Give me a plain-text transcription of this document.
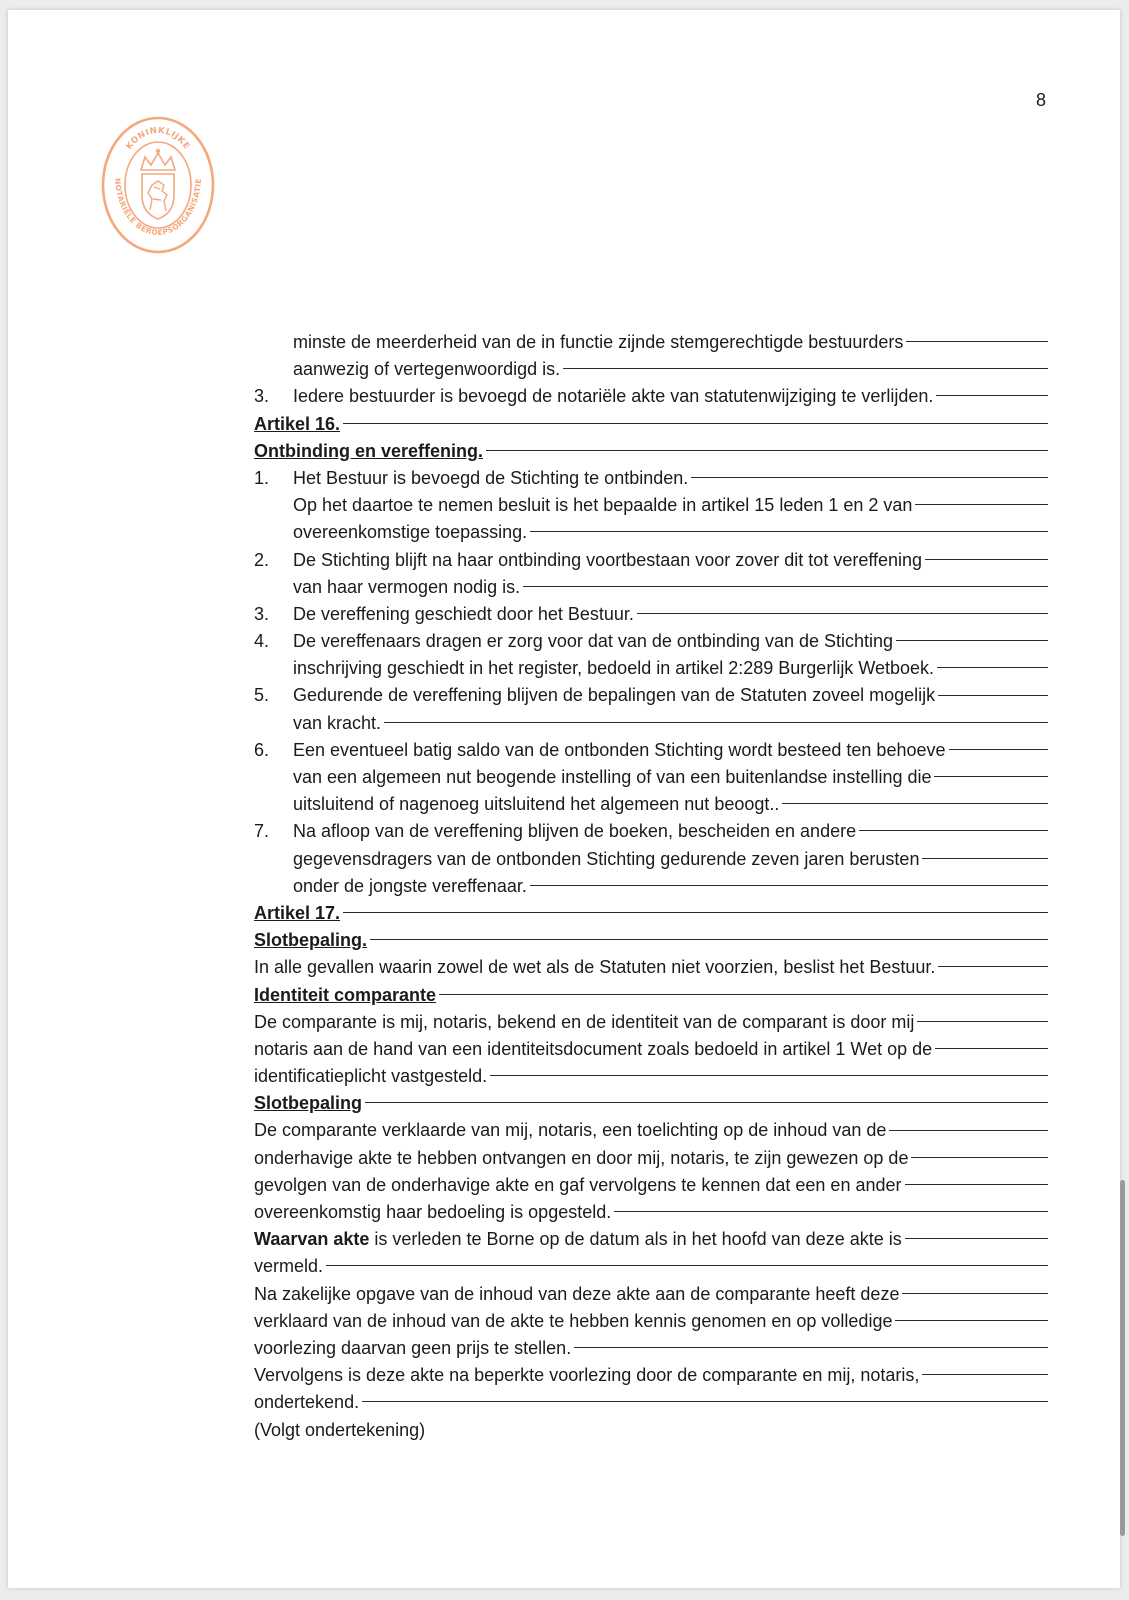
8
KONINKLIJKE
NOTARIËLE BEROEPSORGANISATIE
minste de meerderheid van de in functie zijnde stemgerechtigde bestuurders
aanwezig of vertegenwoordigd is.
3.	Iedere bestuurder is bevoegd de notariële akte van statutenwijziging te verlijden.
Artikel 16.
Ontbinding en vereffening.
1.	Het Bestuur is bevoegd de Stichting te ontbinden.
Op het daartoe te nemen besluit is het bepaalde in artikel 15 leden 1 en 2 van
overeenkomstige toepassing.
2.	De Stichting blijft na haar ontbinding voortbestaan voor zover dit tot vereffening
van haar vermogen nodig is.
3.	De vereffening geschiedt door het Bestuur.
4.	De vereffenaars dragen er zorg voor dat van de ontbinding van de Stichting
inschrijving geschiedt in het register, bedoeld in artikel 2:289 Burgerlijk Wetboek.
5.	Gedurende de vereffening blijven de bepalingen van de Statuten zoveel mogelijk
van kracht.
6.	Een eventueel batig saldo van de ontbonden Stichting wordt besteed ten behoeve
van een algemeen nut beogende instelling of van een buitenlandse instelling die
uitsluitend of nagenoeg uitsluitend het algemeen nut beoogt..
7.	Na afloop van de vereffening blijven de boeken, bescheiden en andere
gegevensdragers van de ontbonden Stichting gedurende zeven jaren berusten
onder de jongste vereffenaar.
Artikel 17.
Slotbepaling.
In alle gevallen waarin zowel de wet als de Statuten niet voorzien, beslist het Bestuur.
Identiteit comparante
De comparante is mij, notaris, bekend en de identiteit van de comparant is door mij
notaris aan de hand van een identiteitsdocument zoals bedoeld in artikel 1 Wet op de
identificatieplicht vastgesteld.
Slotbepaling
De comparante verklaarde van mij, notaris, een toelichting op de inhoud van de
onderhavige akte te hebben ontvangen en door mij, notaris, te zijn gewezen op de
gevolgen van de onderhavige akte en gaf vervolgens te kennen dat een en ander
overeenkomstig haar bedoeling is opgesteld.
Waarvan akte is verleden te Borne op de datum als in het hoofd van deze akte is
vermeld.
Na zakelijke opgave van de inhoud van deze akte aan de comparante heeft deze
verklaard van de inhoud van de akte te hebben kennis genomen en op volledige
voorlezing daarvan geen prijs te stellen.
Vervolgens is deze akte na beperkte voorlezing door de comparante en mij, notaris,
ondertekend.
(Volgt ondertekening)
